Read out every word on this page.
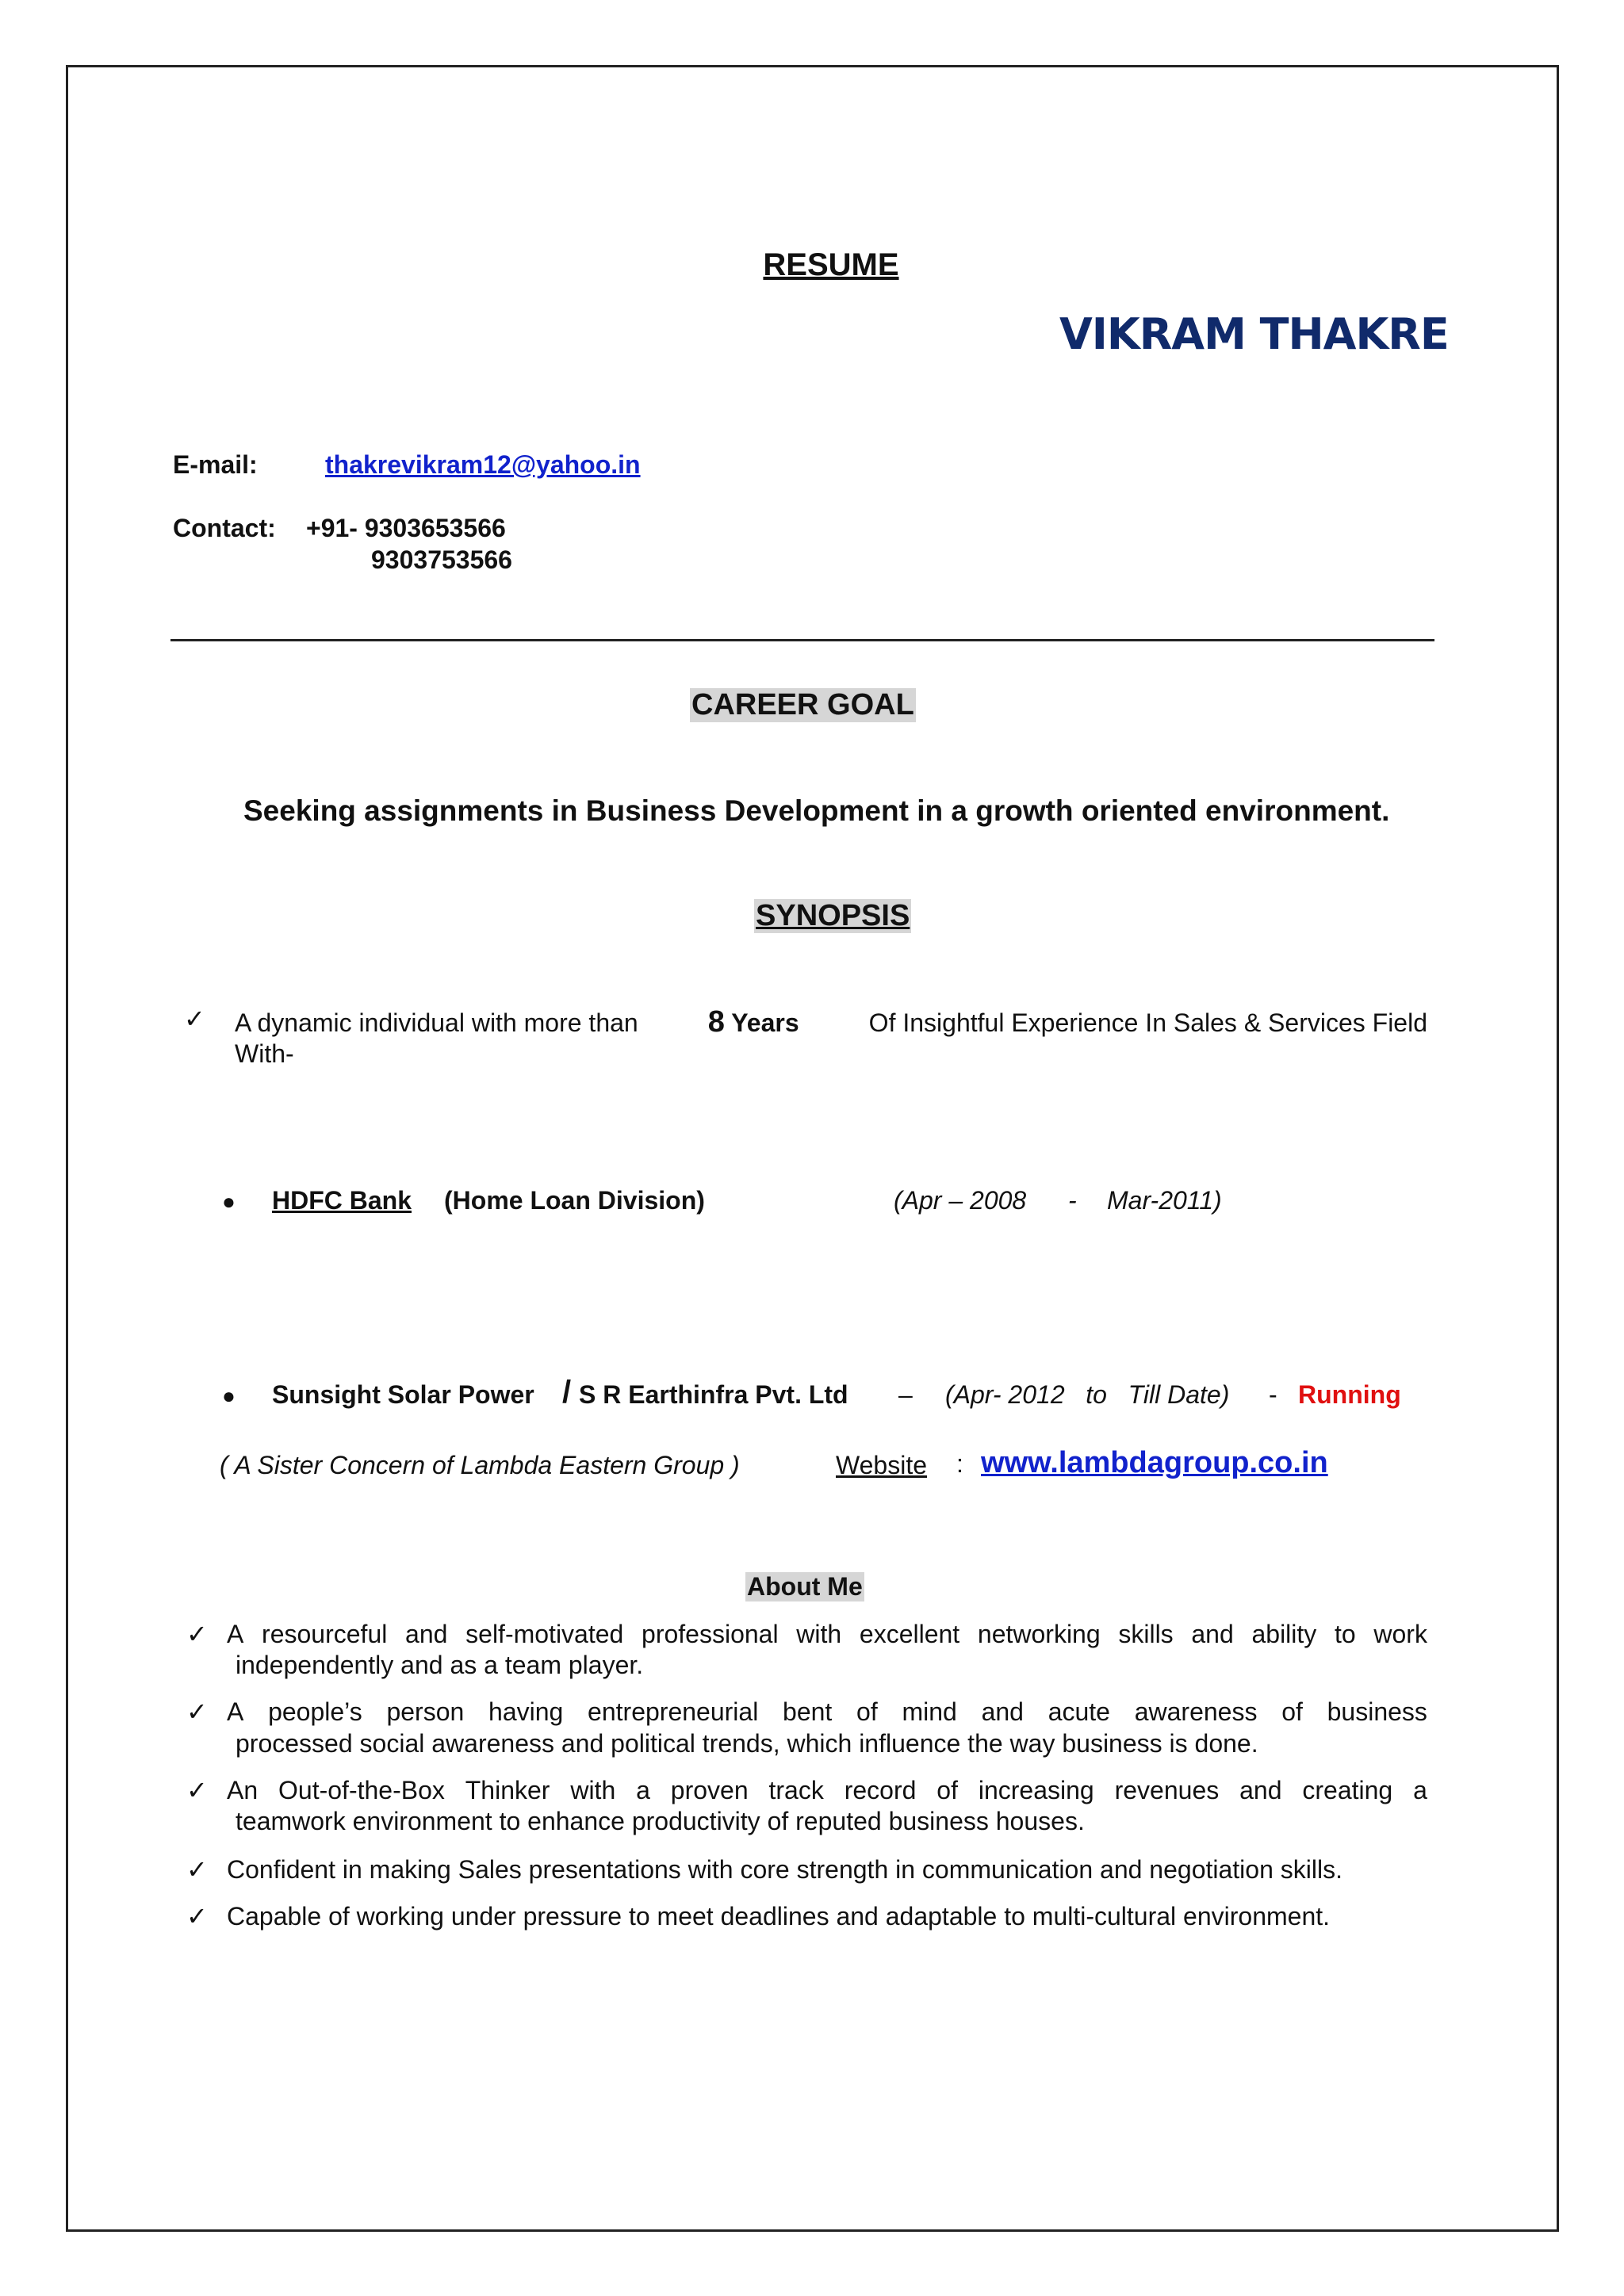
RESUME
VIKRAM THAKRE
E-mail:	thakrevikram12@yahoo.in
Contact: +91- 9303653566
9303753566
CAREER GOAL
Seeking assignments in Business Development in a growth oriented environment.
SYNOPSIS
✓ A dynamic individual with more than 8 Years	Of Insightful Experience In Sales & Services Field
With-
● HDFC Bank (Home Loan Division)	(Apr – 2008 - Mar-2011)
● Sunsight Solar Power / S R Earthinfra Pvt. Ltd – (Apr- 2012   to   Till Date) - Running
( A Sister Concern of Lambda Eastern Group )	Website : www.lambdagroup.co.in
About Me
✓ A resourceful and self-motivated professional with excellent networking skills and ability to work
independently and as a team player.
✓ A people’s person having entrepreneurial bent of mind and acute awareness of business
processed social awareness and political trends, which influence the way business is done.
✓ An Out-of-the-Box Thinker with a proven track record of increasing revenues and creating a
teamwork environment to enhance productivity of reputed business houses.
✓ Confident in making Sales presentations with core strength in communication and negotiation skills.
✓ Capable of working under pressure to meet deadlines and adaptable to multi-cultural environment.
